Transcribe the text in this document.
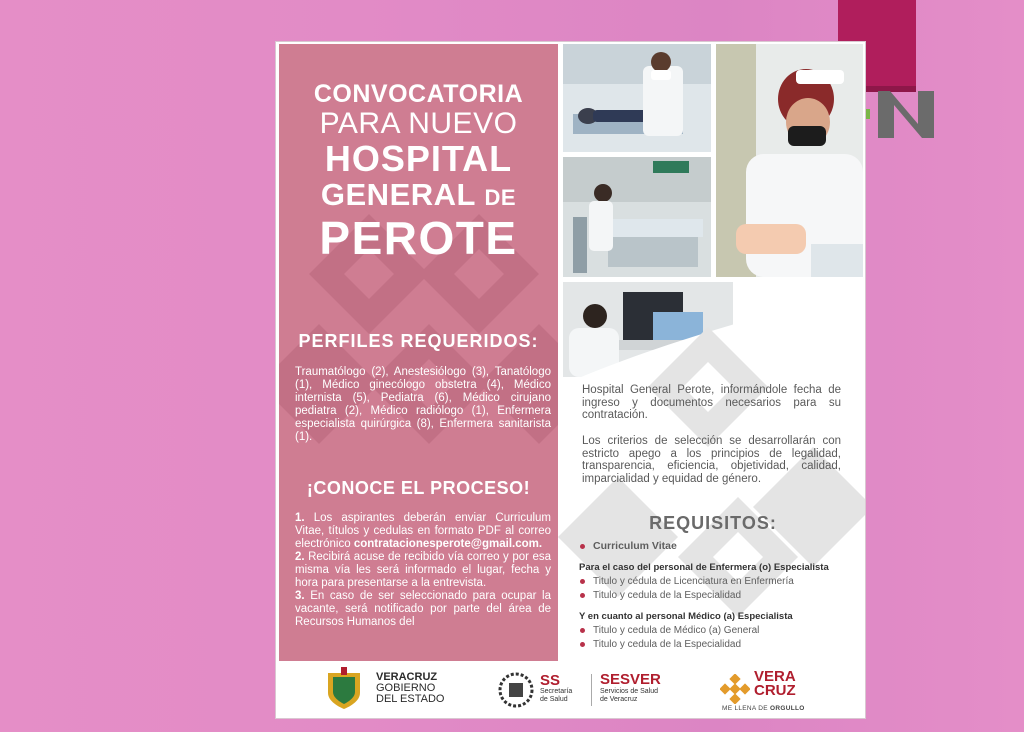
CONVOCATORIA
PARA NUEVO
HOSPITAL
GENERAL DE
PEROTE
PERFILES REQUERIDOS:
Traumatólogo (2), Anestesiólogo (3), Tanatólogo (1), Médico ginecólogo obstetra (4), Médico internista (5), Pediatra (6), Médico cirujano pediatra (2), Médico radiólogo (1), Enfermera especialista quirúrgica (8), Enfermera sanitarista (1).
¡CONOCE EL PROCESO!
1. Los aspirantes deberán enviar Curriculum Vitae, títulos y cedulas en formato PDF al correo electrónico contratacionesperote@gmail.com.
2. Recibirá acuse de recibido vía correo y por esa misma vía les será informado el lugar, fecha y hora para presentarse a la entrevista.
3. En caso de ser seleccionado para ocupar la vacante, será notificado por parte del área de Recursos Humanos del
Hospital General Perote, informándole fecha de ingreso y documentos necesarios para su contratación.
Los criterios de selección se desarrollarán con estricto apego a los principios de legalidad, transparencia, eficiencia, objetividad, calidad, imparcialidad y equidad de género.
REQUISITOS:
Curriculum Vitae
Para el caso del personal de Enfermera (o) Especialista
Titulo y cédula de Licenciatura en Enfermería
Titulo y cedula de la Especialidad
Y en cuanto al personal Médico (a) Especialista
Titulo y cedula de Médico (a) General
Titulo y cedula de la Especialidad
VERACRUZ
GOBIERNO
DEL ESTADO
SS
Secretaría
de Salud
SESVER
Servicios de Salud
de Veracruz
VERA
CRUZ
ME LLENA DE ORGULLO
